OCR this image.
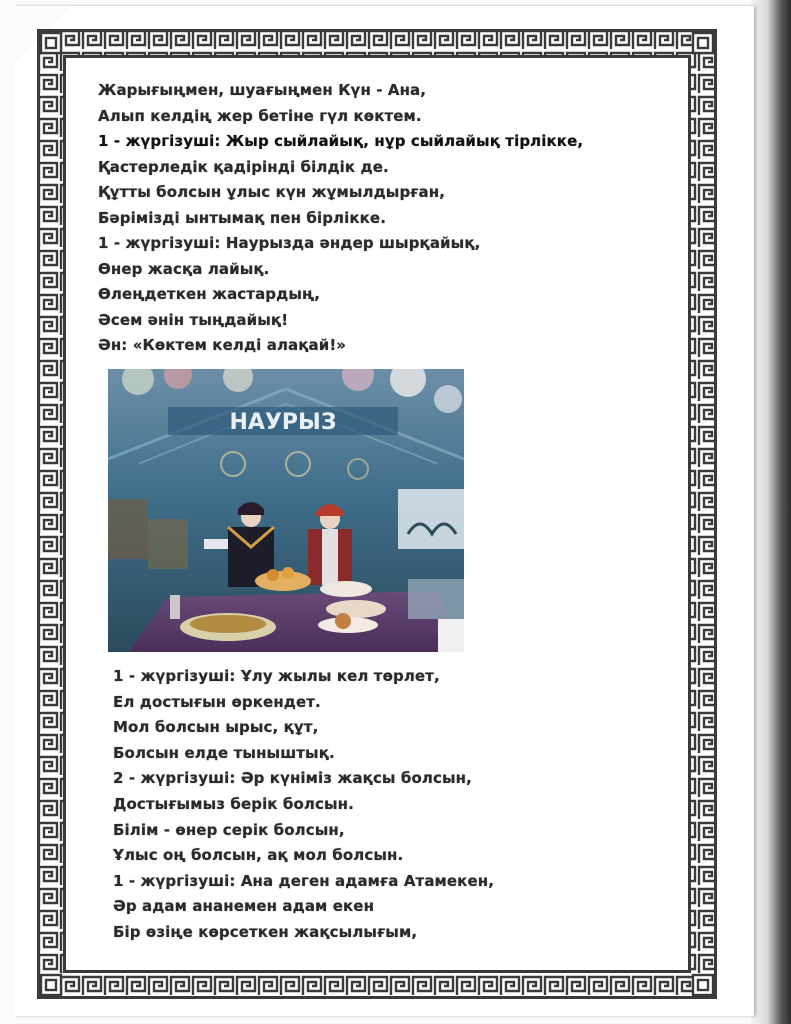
Жарығыңмен, шуағыңмен Күн - Ана,
Алып келдің жер бетіне гүл көктем.
1 - жүргізуші: Жыр сыйлайық, нұр сыйлайық тірлікке,
Қастерледік қадірінді білдік де.
Құтты болсын ұлыс күн жұмылдырған,
Бәрімізді ынтымақ пен бірлікке.
1 - жүргізуші: Наурызда әндер шырқайық,
Өнер жасқа лайық.
Өлеңдеткен жастардың,
Әсем әнін тыңдайық!
Ән: «Көктем келді алақай!»
НАУРЫЗ
1 - жүргізуші: Ұлу жылы кел төрлет,
Ел достығын өркендет.
Мол болсын ырыс, құт,
Болсын елде тыныштық.
2 - жүргізуші: Әр күніміз жақсы болсын,
Достығымыз берік болсын.
Білім - өнер серік болсын,
Ұлыс оң болсын, ақ мол болсын.
1 - жүргізуші: Ана деген адамға Атамекен,
Әр адам ананемен адам екен
Бір өзіңе көрсеткен жақсылығым,
